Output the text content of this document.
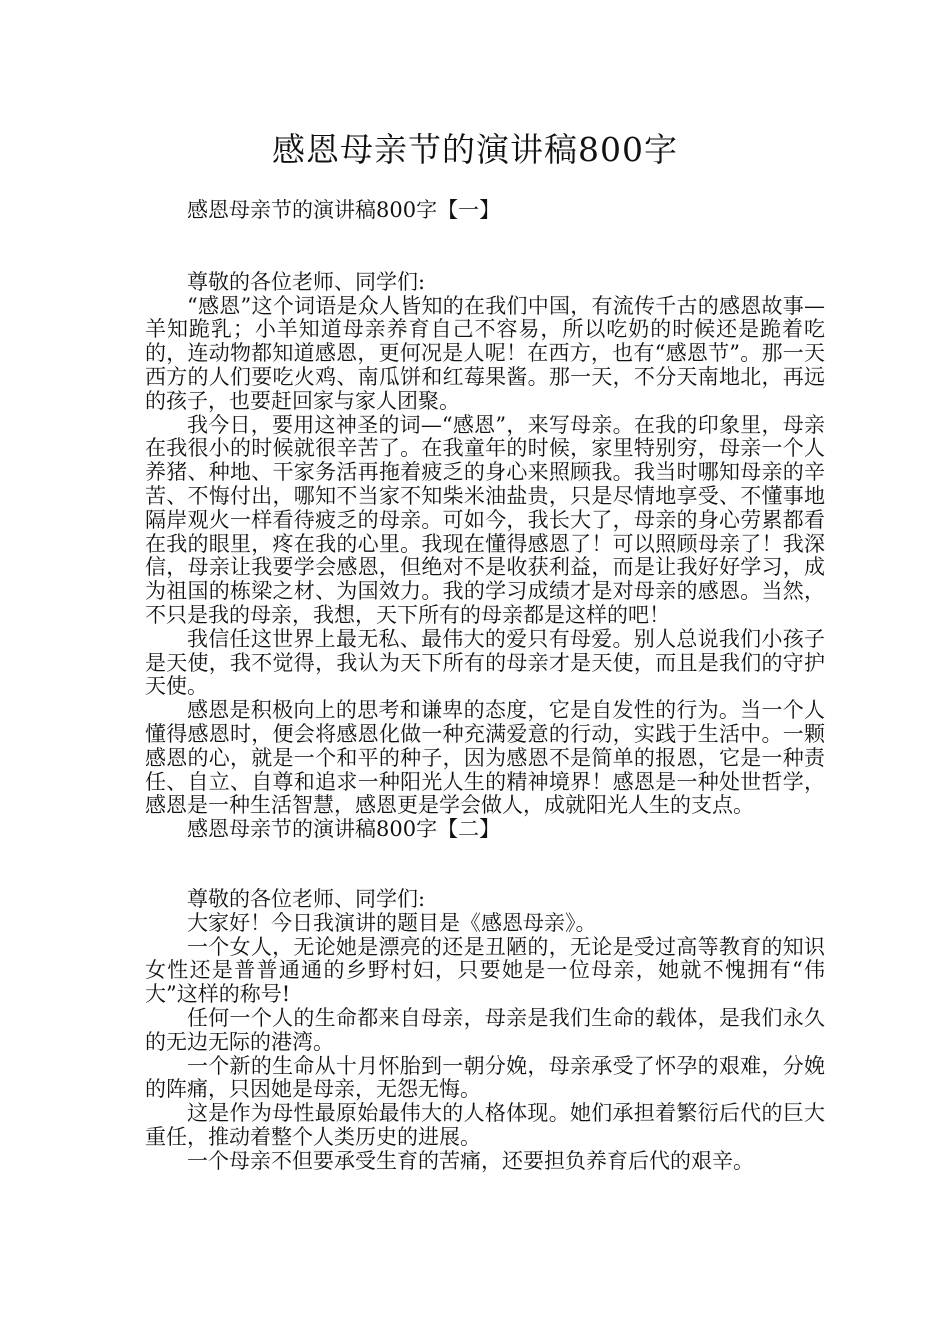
感恩母亲节的演讲稿800字

感恩母亲节的演讲稿800字【一】

尊敬的各位老师、同学们:

“感恩”这个词语是众人皆知的在我们中国，有流传千古的感恩故事—羊知跪乳；小羊知道母亲养育自己不容易，所以吃奶的时候还是跪着吃的，连动物都知道感恩，更何况是人呢！在西方，也有“感恩节”。那一天西方的人们要吃火鸡、南瓜饼和红莓果酱。那一天，不分天南地北，再远的孩子，也要赶回家与家人团聚。

我今日，要用这神圣的词—“感恩”，来写母亲。在我的印象里，母亲在我很小的时候就很辛苦了。在我童年的时候，家里特别穷，母亲一个人养猪、种地、干家务活再拖着疲乏的身心来照顾我。我当时哪知母亲的辛苦、不悔付出，哪知不当家不知柴米油盐贵，只是尽情地享受、不懂事地隔岸观火一样看待疲乏的母亲。可如今，我长大了，母亲的身心劳累都看在我的眼里，疼在我的心里。我现在懂得感恩了！可以照顾母亲了！我深信，母亲让我要学会感恩，但绝对不是收获利益，而是让我好好学习，成为祖国的栋梁之材、为国效力。我的学习成绩才是对母亲的感恩。当然，不只是我的母亲，我想，天下所有的母亲都是这样的吧！

我信任这世界上最无私、最伟大的爱只有母爱。别人总说我们小孩子是天使，我不觉得，我认为天下所有的母亲才是天使，而且是我们的守护天使。

感恩是积极向上的思考和谦卑的态度，它是自发性的行为。当一个人懂得感恩时，便会将感恩化做一种充满爱意的行动，实践于生活中。一颗感恩的心，就是一个和平的种子，因为感恩不是简单的报恩，它是一种责任、自立、自尊和追求一种阳光人生的精神境界！感恩是一种处世哲学，感恩是一种生活智慧，感恩更是学会做人，成就阳光人生的支点。

感恩母亲节的演讲稿800字【二】

尊敬的各位老师、同学们:

大家好！今日我演讲的题目是《感恩母亲》。

一个女人，无论她是漂亮的还是丑陋的，无论是受过高等教育的知识女性还是普普通通的乡野村妇，只要她是一位母亲，她就不愧拥有“伟大”这样的称号!

任何一个人的生命都来自母亲，母亲是我们生命的载体，是我们永久的无边无际的港湾。

一个新的生命从十月怀胎到一朝分娩，母亲承受了怀孕的艰难，分娩的阵痛，只因她是母亲，无怨无悔。

这是作为母性最原始最伟大的人格体现。她们承担着繁衍后代的巨大重任，推动着整个人类历史的进展。

一个母亲不但要承受生育的苦痛，还要担负养育后代的艰辛。
